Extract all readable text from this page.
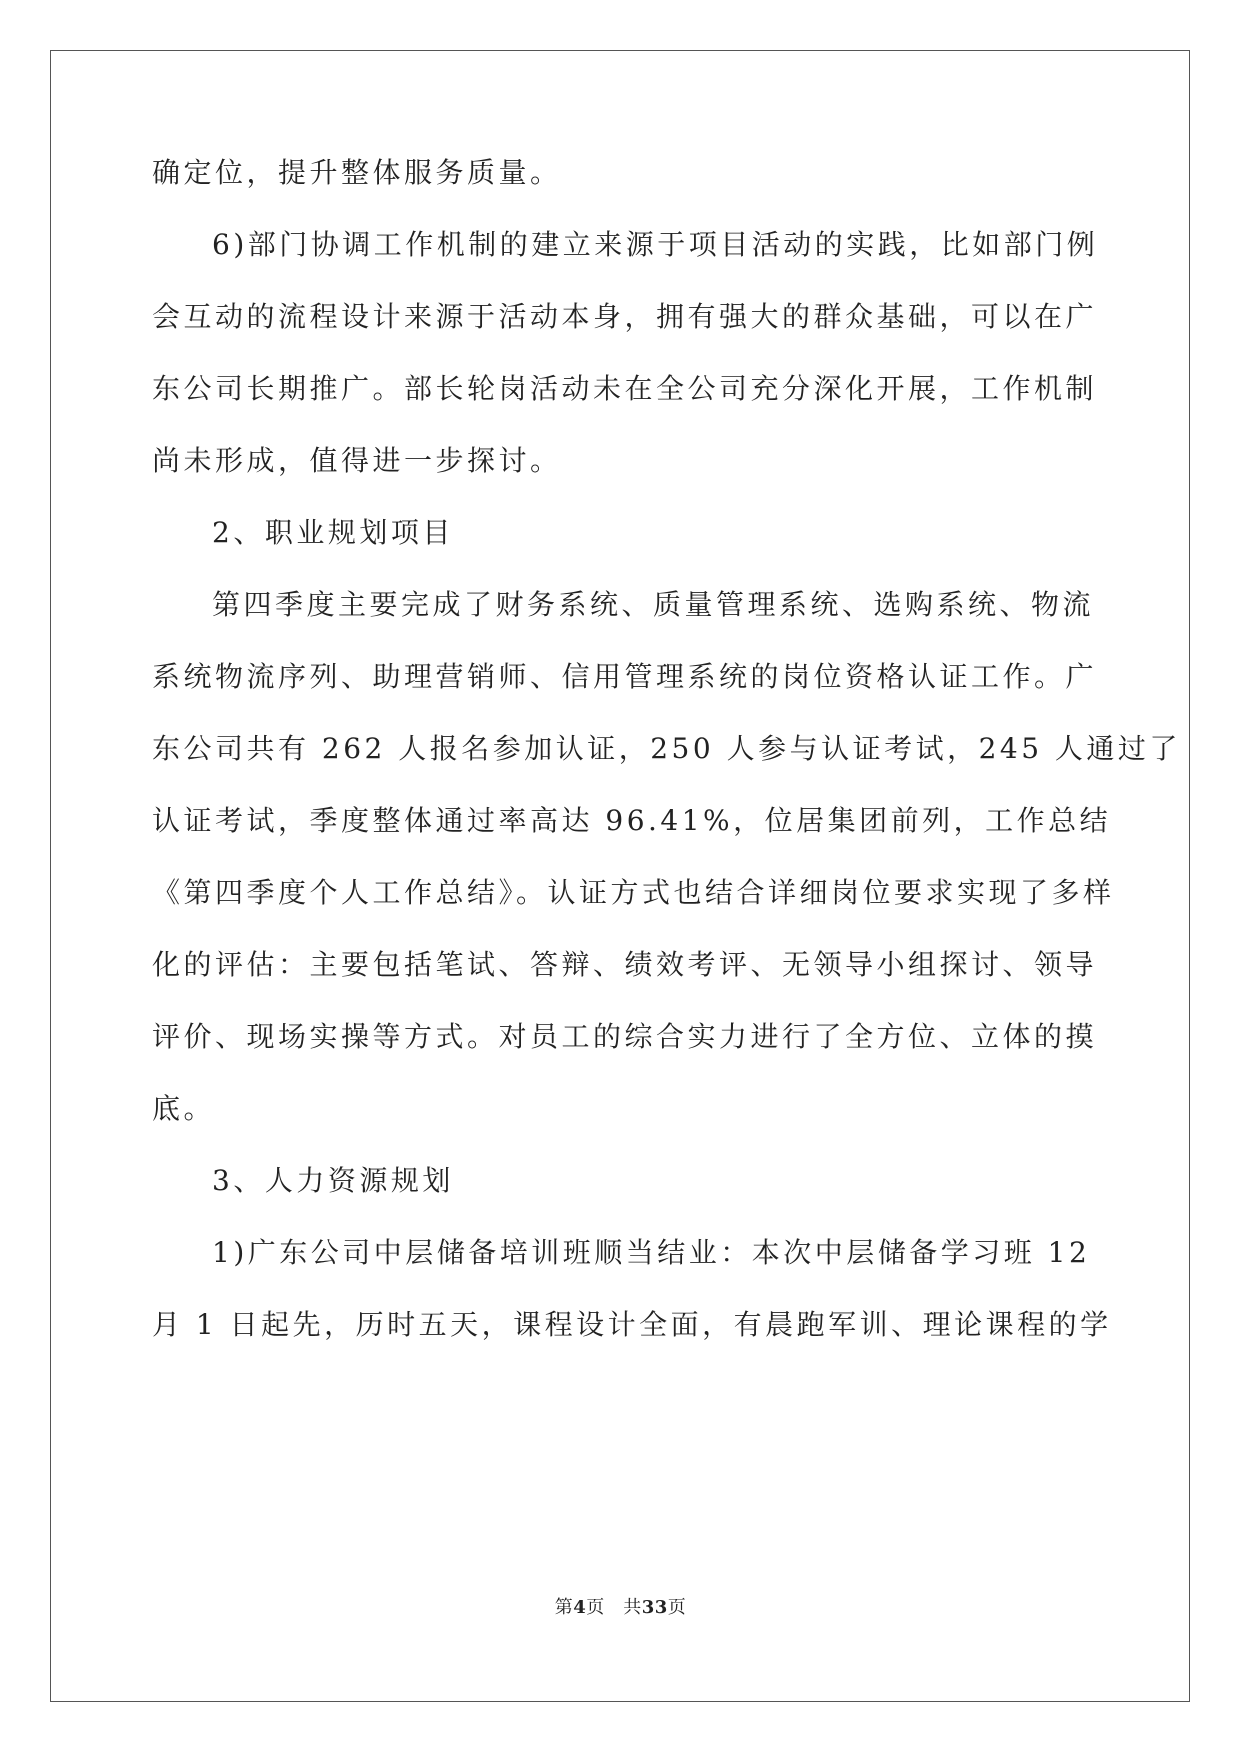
确定位，提升整体服务质量。
6)部门协调工作机制的建立来源于项目活动的实践，比如部门例
会互动的流程设计来源于活动本身，拥有强大的群众基础，可以在广
东公司长期推广。部长轮岗活动未在全公司充分深化开展，工作机制
尚未形成，值得进一步探讨。
2、职业规划项目
第四季度主要完成了财务系统、质量管理系统、选购系统、物流
系统物流序列、助理营销师、信用管理系统的岗位资格认证工作。广
东公司共有 262 人报名参加认证，250 人参与认证考试，245 人通过了
认证考试，季度整体通过率高达 96.41%，位居集团前列，工作总结
《第四季度个人工作总结》。认证方式也结合详细岗位要求实现了多样
化的评估：主要包括笔试、答辩、绩效考评、无领导小组探讨、领导
评价、现场实操等方式。对员工的综合实力进行了全方位、立体的摸
底。
3、人力资源规划
1)广东公司中层储备培训班顺当结业：本次中层储备学习班 12
月 1 日起先，历时五天，课程设计全面，有晨跑军训、理论课程的学
第4页　共33页
